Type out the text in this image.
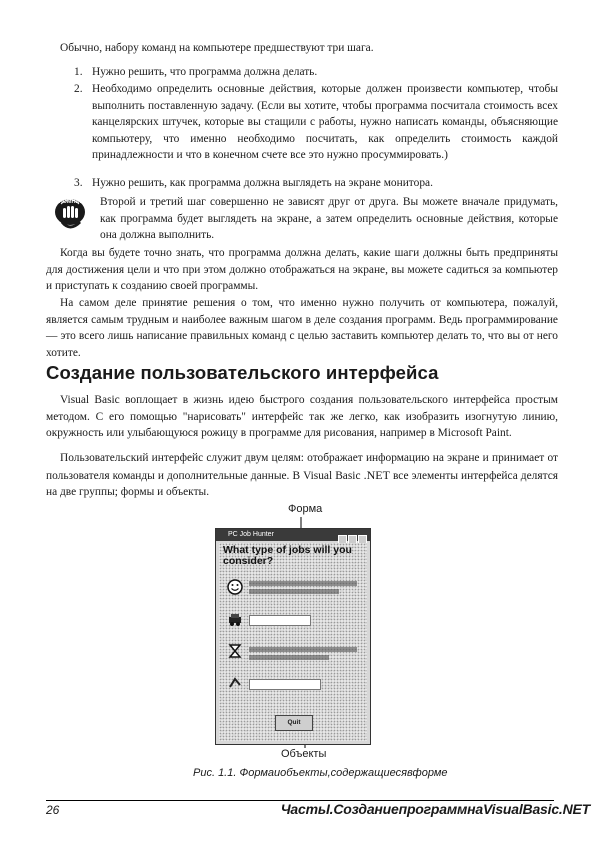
Обычно, набору команд на компьютере предшествуют три шага.

1. Нужно решить, что программа должна делать.

2. Необходимо определить основные действия, которые должен произвести компьютер, чтобы выполнить поставленную задачу. (Если вы хотите, чтобы программа посчитала стоимость всех канцелярских штучек, которые вы стащили с работы, нужно написать команды, объясняющие компьютеру, что именно необходимо посчитать, как определить стоимость каждой принадлежности и что в конечном счете все это нужно просуммировать.)

3. Нужно решить, как программа должна выглядеть на экране монитора.

ПОМНИ! Второй и третий шаг совершенно не зависят друг от друга. Вы можете вначале придумать, как программа будет выглядеть на экране, а затем определить основные действия, которые она должна выполнить.

Когда вы будете точно знать, что программа должна делать, какие шаги должны быть предприняты для достижения цели и что при этом должно отображаться на экране, вы можете садиться за компьютер и приступать к созданию своей программы.

На самом деле принятие решения о том, что именно нужно получить от компьютера, пожалуй, является самым трудным и наиболее важным шагом в деле создания программ. Ведь программирование — это всего лишь написание правильных команд с целью заставить компьютер делать то, что вы от него хотите.

Создание пользовательского интерфейса

Visual Basic воплощает в жизнь идею быстрого создания пользовательского интерфейса простым методом. С его помощью "нарисовать" интерфейс так же легко, как изобразить изогнутую линию, окружность или улыбающуюся рожицу в программе для рисования, например в Microsoft Paint.

Пользовательский интерфейс служит двум целям: отображает информацию на экране и принимает от пользователя команды и дополнительные данные. В Visual Basic .NET все элементы интерфейса делятся на две группы; формы и объекты.

Форма
PC Job Hunter
What type of jobs will you consider?
Quit
Объекты
Рис. 1.1. Формаиобъекты,содержащиесявформе
26	ЧастьI.СозданиепрограммнаVisualBasic.NET
